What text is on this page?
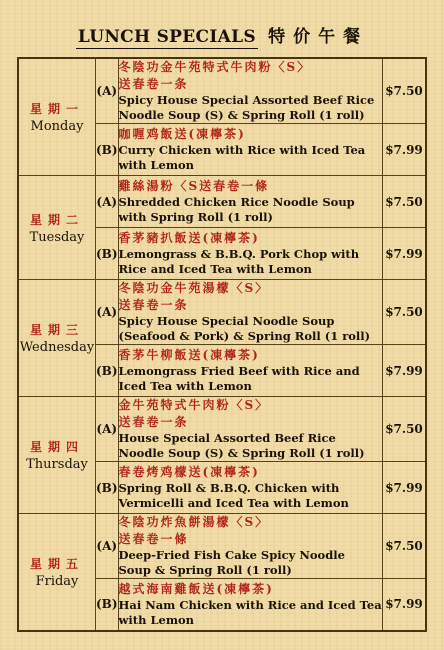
LUNCH SPECIALS 特价午餐
星期一
Monday	(A)	冬陰功金牛苑特式牛肉粉〈S〉
送春卷一条
Spicy House Special Assorted Beef Rice
Noodle Soup (S) & Spring Roll (1 roll)	$7.50
	(B)	咖喱鸡飯送(凍檸茶)
Curry Chicken with Rice with Iced Tea
with Lemon	$7.99

星期二
Tuesday	(A)	雞絲湯粉〈S送春卷一條
Shredded Chicken Rice Noodle Soup
with Spring Roll (1 roll)	$7.50
	(B)	香茅豬扒飯送(凍檸茶)
Lemongrass & B.B.Q. Pork Chop with
Rice and Iced Tea with Lemon	$7.99

星期三
Wednesday	(A)	冬陰功金牛苑湯檬〈S〉
送春卷一条
Spicy House Special Noodle Soup
(Seafood & Pork) & Spring Roll (1 roll)	$7.50
	(B)	香茅牛柳飯送(凍檸茶)
Lemongrass Fried Beef with Rice and
Iced Tea with Lemon	$7.99

星期四
Thursday	(A)	金牛苑特式牛肉粉〈S〉
送春卷一条
House Special Assorted Beef Rice
Noodle Soup (S) & Spring Roll (1 roll)	$7.50
	(B)	春卷烤鸡檬送(凍檸茶)
Spring Roll & B.B.Q. Chicken with
Vermicelli and Iced Tea with Lemon	$7.99

星期五
Friday	(A)	冬陰功炸魚餅湯檬〈S〉
送春卷一條
Deep-Fried Fish Cake Spicy Noodle
Soup & Spring Roll (1 roll)	$7.50
	(B)	越式海南雞飯送(凍檸茶)
Hai Nam Chicken with Rice and Iced Tea
with Lemon	$7.99
